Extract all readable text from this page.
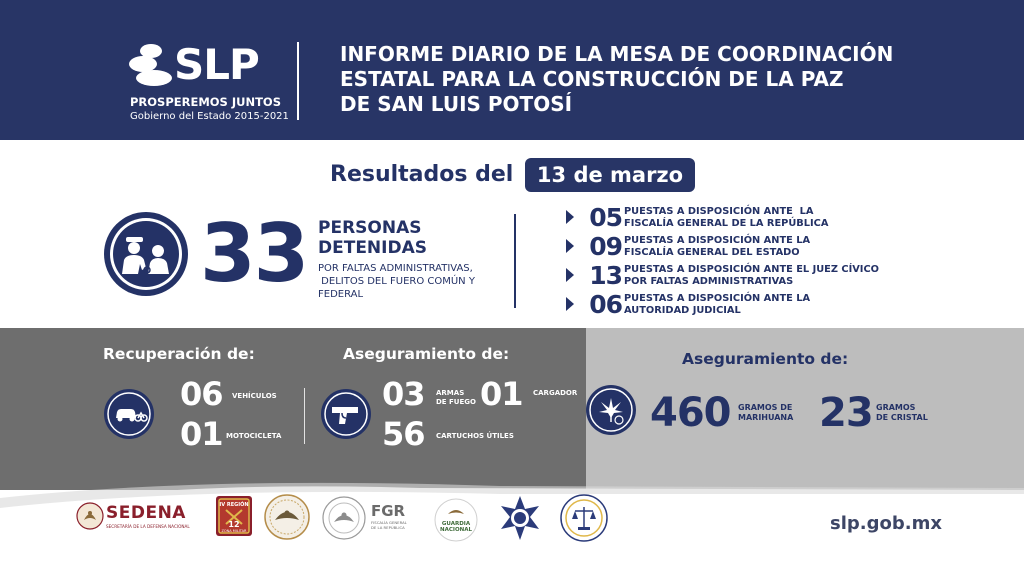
SLP
PROSPEREMOS JUNTOS
Gobierno del Estado 2015-2021
INFORME DIARIO DE LA MESA DE COORDINACIÓN
ESTATAL PARA LA CONSTRUCCIÓN DE LA PAZ
DE SAN LUIS POTOSÍ
Resultados del	13 de marzo
33 PERSONAS
DETENIDAS
POR FALTAS ADMINISTRATIVAS,
DELITOS DEL FUERO COMÚN Y
FEDERAL
05 PUESTAS A DISPOSICIÓN ANTE  LA
FISCALÍA GENERAL DE LA REPÚBLICA
09 PUESTAS A DISPOSICIÓN ANTE LA
FISCALÍA GENERAL DEL ESTADO
13 PUESTAS A DISPOSICIÓN ANTE EL JUEZ CÍVICO
POR FALTAS ADMINISTRATIVAS
06 PUESTAS A DISPOSICIÓN ANTE LA
AUTORIDAD JUDICIAL
Recuperación de:
06 VEHÍCULOS
01 MOTOCICLETA
Aseguramiento de:
03 ARMAS
DE FUEGO 01 CARGADOR
56 CARTUCHOS ÚTILES
Aseguramiento de:
460 GRAMOS DE
MARIHUANA 23 GRAMOS
DE CRISTAL
SEDENA
SECRETARÍA DE LA DEFENSA NACIONAL
IV REGIÓN
12
ZONA MILITAR
FGR
FISCALÍA GENERAL
DE LA REPÚBLICA
GUARDIA
NACIONAL	slp.gob.mx
